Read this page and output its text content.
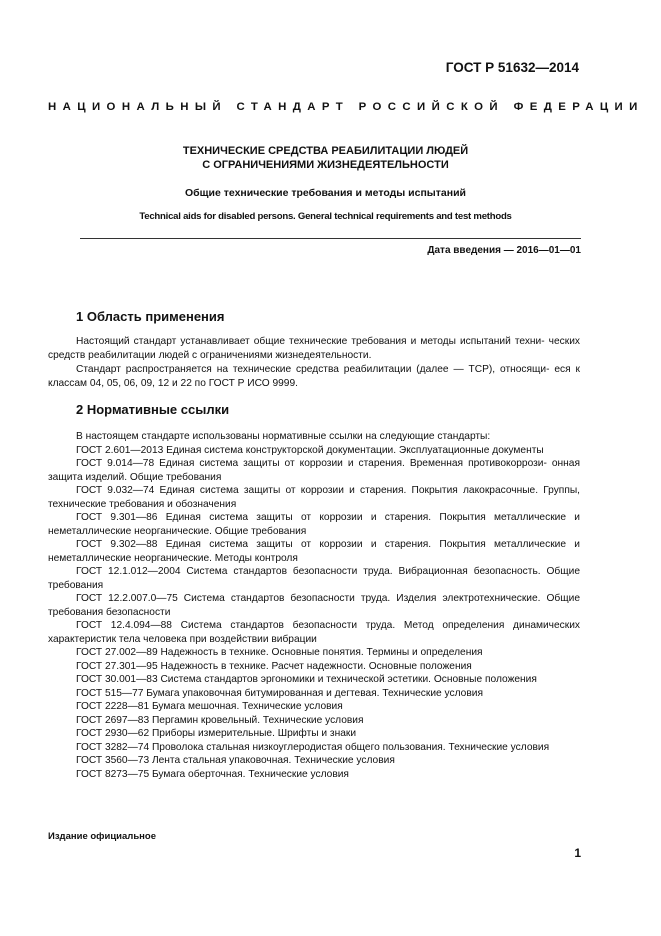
ГОСТ Р 51632—2014
НАЦИОНАЛЬНЫЙ СТАНДАРТ РОССИЙСКОЙ ФЕДЕРАЦИИ
ТЕХНИЧЕСКИЕ СРЕДСТВА РЕАБИЛИТАЦИИ ЛЮДЕЙ
С ОГРАНИЧЕНИЯМИ ЖИЗНЕДЕЯТЕЛЬНОСТИ
Общие технические требования и методы испытаний
Technical aids for disabled persons. General technical requirements and test methods
Дата введения — 2016—01—01
1 Область применения
Настоящий стандарт устанавливает общие технические требования и методы испытаний техни- ческих средств реабилитации людей с ограничениями жизнедеятельности.
Стандарт распространяется на технические средства реабилитации (далее — ТСР), относящи- еся к классам 04, 05, 06, 09, 12 и 22 по ГОСТ Р ИСО 9999.
2 Нормативные ссылки
В настоящем стандарте использованы нормативные ссылки на следующие стандарты:
ГОСТ 2.601—2013 Единая система конструкторской документации. Эксплуатационные документы
ГОСТ 9.014—78 Единая система защиты от коррозии и старения. Временная противокоррози- онная защита изделий. Общие требования
ГОСТ 9.032—74 Единая система защиты от коррозии и старения. Покрытия лакокрасочные. Группы, технические требования и обозначения
ГОСТ 9.301—86 Единая система защиты от коррозии и старения. Покрытия металлические и неметаллические неорганические. Общие требования
ГОСТ 9.302—88 Единая система защиты от коррозии и старения. Покрытия металлические и неметаллические неорганические. Методы контроля
ГОСТ 12.1.012—2004 Система стандартов безопасности труда. Вибрационная безопасность. Общие требования
ГОСТ 12.2.007.0—75 Система стандартов безопасности труда. Изделия электротехнические. Общие требования безопасности
ГОСТ 12.4.094—88 Система стандартов безопасности труда. Метод определения динамических характеристик тела человека при воздействии вибрации
ГОСТ 27.002—89 Надежность в технике. Основные понятия. Термины и определения
ГОСТ 27.301—95 Надежность в технике. Расчет надежности. Основные положения
ГОСТ 30.001—83 Система стандартов эргономики и технической эстетики. Основные положения
ГОСТ 515—77 Бумага упаковочная битумированная и дегтевая. Технические условия
ГОСТ 2228—81 Бумага мешочная. Технические условия
ГОСТ 2697—83 Пергамин кровельный. Технические условия
ГОСТ 2930—62 Приборы измерительные. Шрифты и знаки
ГОСТ 3282—74 Проволока стальная низкоуглеродистая общего пользования. Технические условия
ГОСТ 3560—73 Лента стальная упаковочная. Технические условия
ГОСТ 8273—75 Бумага оберточная. Технические условия
Издание официальное
1
